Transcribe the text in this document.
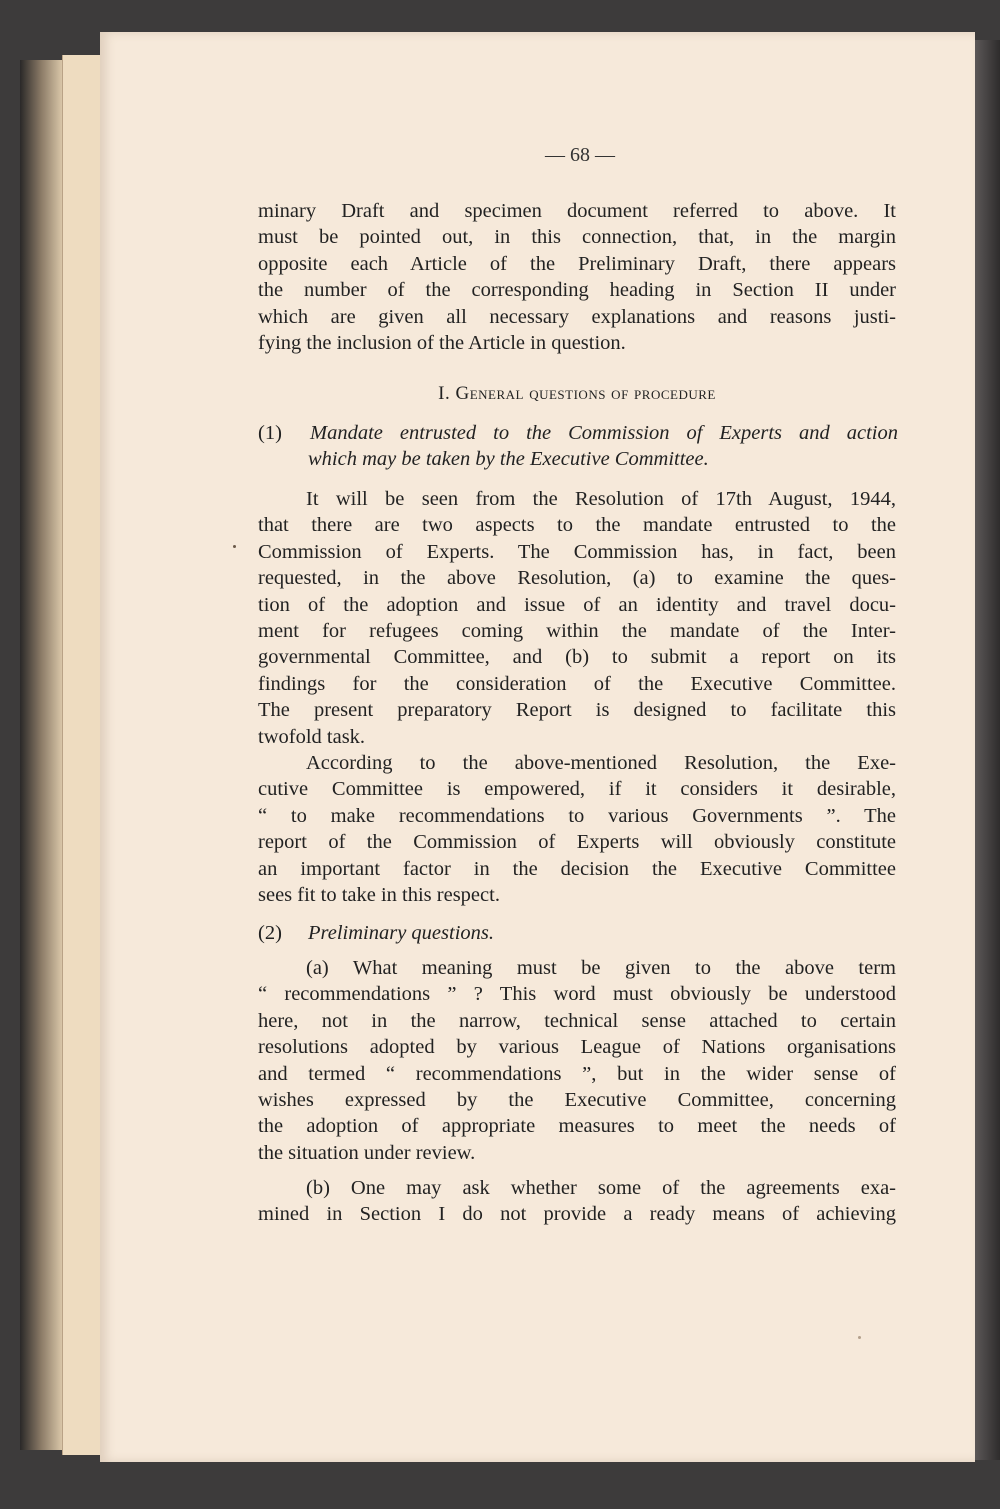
— 68 —
minary Draft and specimen document referred to above. It
must be pointed out, in this connection, that, in the margin
opposite each Article of the Preliminary Draft, there appears
the number of the corresponding heading in Section II under
which are given all necessary explanations and reasons justi-
fying the inclusion of the Article in question.
I. General questions of procedure
(1)	Mandate entrusted to the Commission of Experts and action
which may be taken by the Executive Committee.
It will be seen from the Resolution of 17th August, 1944,
that there are two aspects to the mandate entrusted to the
Commission of Experts. The Commission has, in fact, been
requested, in the above Resolution, (a) to examine the ques-
tion of the adoption and issue of an identity and travel docu-
ment for refugees coming within the mandate of the Inter-
governmental Committee, and (b) to submit a report on its
findings for the consideration of the Executive Committee.
The present preparatory Report is designed to facilitate this
twofold task.
According to the above-mentioned Resolution, the Exe-
cutive Committee is empowered, if it considers it desirable,
“ to make recommendations to various Governments ”. The
report of the Commission of Experts will obviously constitute
an important factor in the decision the Executive Committee
sees fit to take in this respect.
(2)	Preliminary questions.
(a) What meaning must be given to the above term
“ recommendations ” ? This word must obviously be understood
here, not in the narrow, technical sense attached to certain
resolutions adopted by various League of Nations organisations
and termed “ recommendations ”, but in the wider sense of
wishes expressed by the Executive Committee, concerning
the adoption of appropriate measures to meet the needs of
the situation under review.
(b) One may ask whether some of the agreements exa-
mined in Section I do not provide a ready means of achieving
